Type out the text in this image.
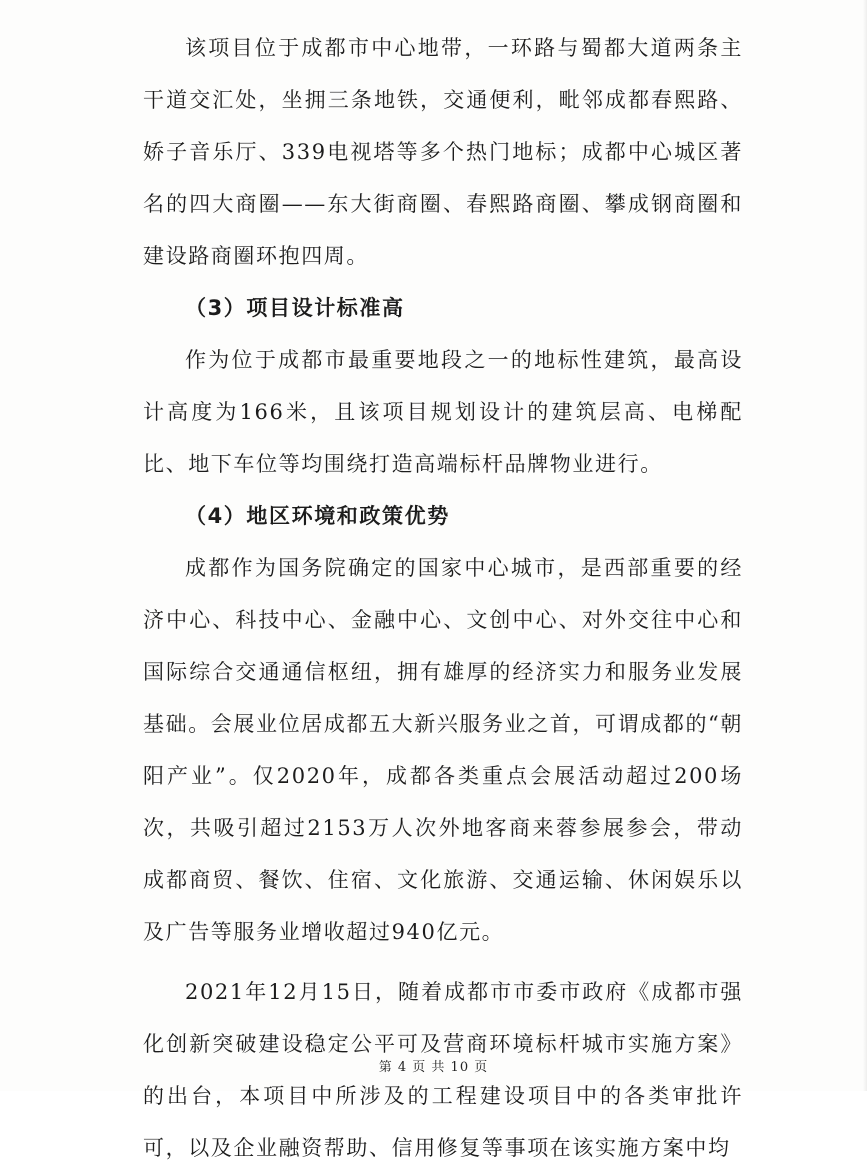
该项目位于成都市中心地带，一环路与蜀都大道两条主干道交汇处，坐拥三条地铁，交通便利，毗邻成都春熙路、娇子音乐厅、339电视塔等多个热门地标；成都中心城区著名的四大商圈——东大街商圈、春熙路商圈、攀成钢商圈和建设路商圈环抱四周。

（3）项目设计标准高

作为位于成都市最重要地段之一的地标性建筑，最高设计高度为166米，且该项目规划设计的建筑层高、电梯配比、地下车位等均围绕打造高端标杆品牌物业进行。

（4）地区环境和政策优势

成都作为国务院确定的国家中心城市，是西部重要的经济中心、科技中心、金融中心、文创中心、对外交往中心和国际综合交通通信枢纽，拥有雄厚的经济实力和服务业发展基础。会展业位居成都五大新兴服务业之首，可谓成都的“朝阳产业”。仅2020年，成都各类重点会展活动超过200场次，共吸引超过2153万人次外地客商来蓉参展参会，带动成都商贸、餐饮、住宿、文化旅游、交通运输、休闲娱乐以及广告等服务业增收超过940亿元。

2021年12月15日，随着成都市市委市政府《成都市强化创新突破建设稳定公平可及营商环境标杆城市实施方案》的出台，本项目中所涉及的工程建设项目中的各类审批许可，以及企业融资帮助、信用修复等事项在该实施方案中均

第 4 页 共 10 页
